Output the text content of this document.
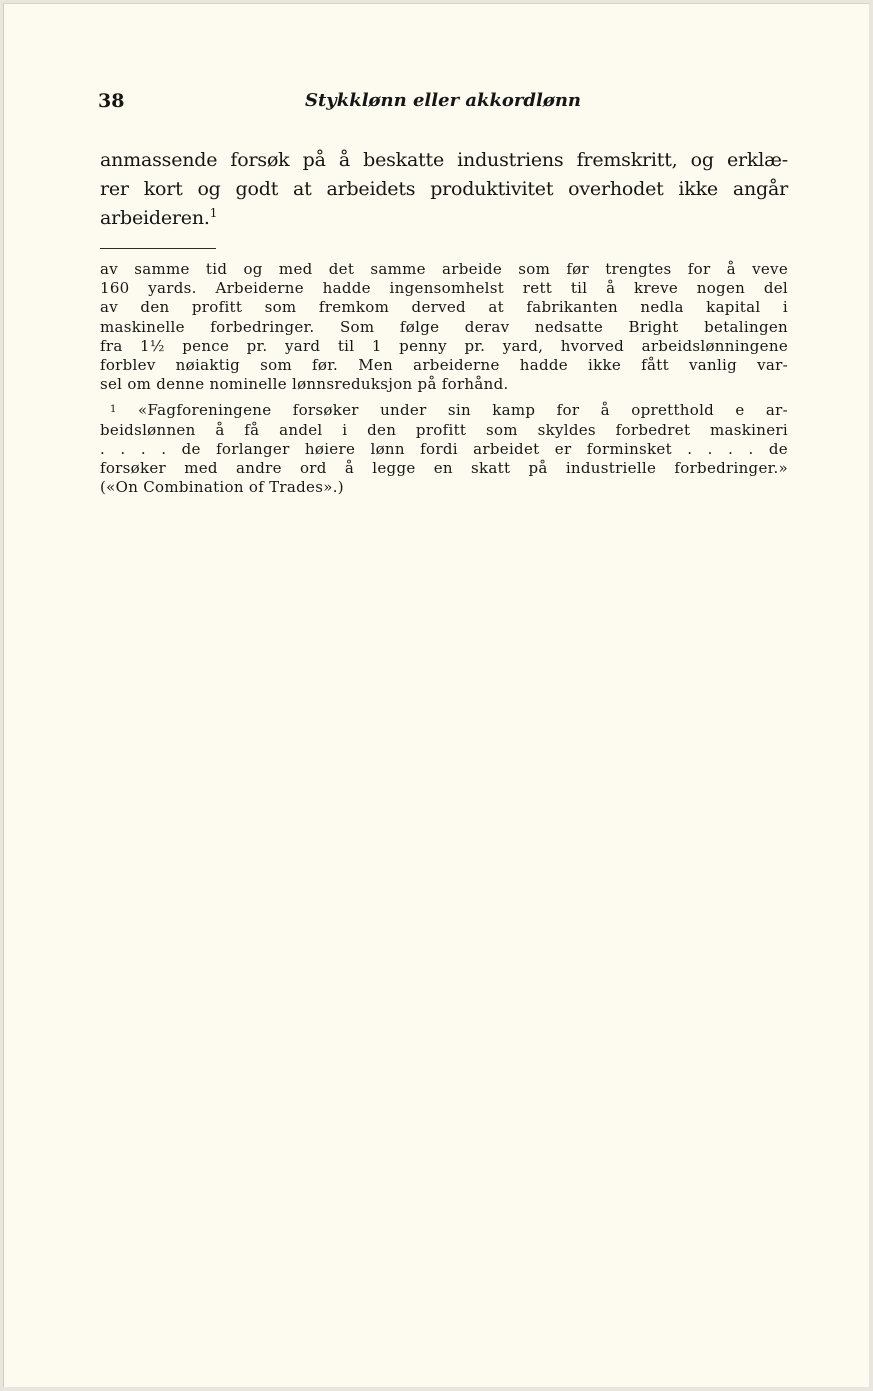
38	Stykklønn eller akkordlønn
anmassende forsøk på å beskatte industriens fremskritt, og erklæ-
rer kort og godt at arbeidets produktivitet overhodet ikke angår
arbeideren.$^1$
av samme tid og med det samme arbeide som før trengtes for å veve
160 yards. Arbeiderne hadde ingensomhelst rett til å kreve nogen del
av den profitt som fremkom derved at fabrikanten nedla kapital i
maskinelle forbedringer. Som følge derav nedsatte Bright betalingen
fra 1½ pence pr. yard til 1 penny pr. yard, hvorved arbeidslønningene
forblev nøiaktig som før. Men arbeiderne hadde ikke fått vanlig var-
sel om denne nominelle lønnsreduksjon på forhånd.
1 «Fagforeningene forsøker under sin kamp for å opretthold e ar-
beidslønnen å få andel i den profitt som skyldes forbedret maskineri
. . . . de forlanger høiere lønn fordi arbeidet er forminsket . . . . de
forsøker med andre ord å legge en skatt på industrielle forbedringer.»
(«On Combination of Trades».)
